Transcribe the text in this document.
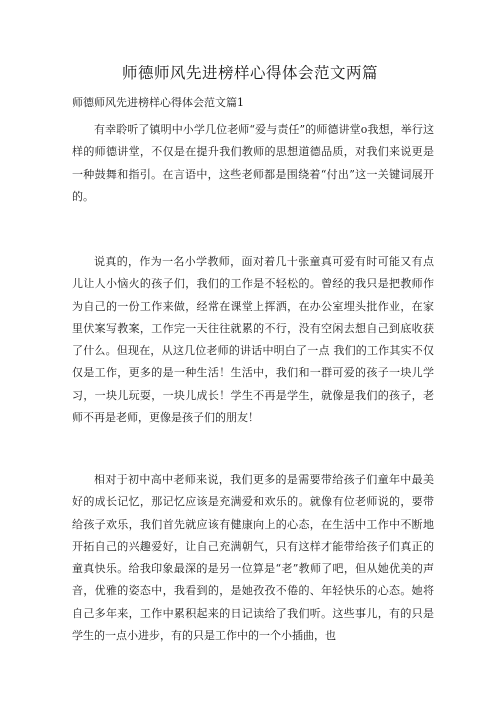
师德师风先进榜样心得体会范文两篇
师德师风先进榜样心得体会范文篇1

有幸聆听了镇明中小学几位老师“爱与责任”的师德讲堂o我想，举行这样的师德讲堂，不仅是在提升我们教师的思想道德品质，对我们来说更是一种鼓舞和指引。在言语中，这些老师都是围绕着“付出”这一关键词展开的。

说真的，作为一名小学教师，面对着几十张童真可爱有时可能又有点儿让人小恼火的孩子们，我们的工作是不轻松的。曾经的我只是把教师作为自己的一份工作来做，经常在课堂上挥洒，在办公室埋头批作业，在家里伏案写教案，工作完一天往往就累的不行，没有空闲去想自己到底收获了什么。但现在，从这几位老师的讲话中明白了一点 我们的工作其实不仅仅是工作，更多的是一种生活！生活中，我们和一群可爱的孩子一块儿学习，一块儿玩耍，一块儿成长！学生不再是学生，就像是我们的孩子，老师不再是老师，更像是孩子们的朋友！

相对于初中高中老师来说，我们更多的是需要带给孩子们童年中最美好的成长记忆，那记忆应该是充满爱和欢乐的。就像有位老师说的，要带给孩子欢乐，我们首先就应该有健康向上的心态，在生活中工作中不断地开拓自己的兴趣爱好，让自己充满朝气，只有这样才能带给孩子们真正的童真快乐。给我印象最深的是另一位算是“老”教师了吧，但从她优美的声音，优雅的姿态中，我看到的，是她孜孜不倦的、年轻快乐的心态。她将自己多年来，工作中累积起来的日记读给了我们听。这些事儿，有的只是学生的一点小进步，有的只是工作中的一个小插曲，也
